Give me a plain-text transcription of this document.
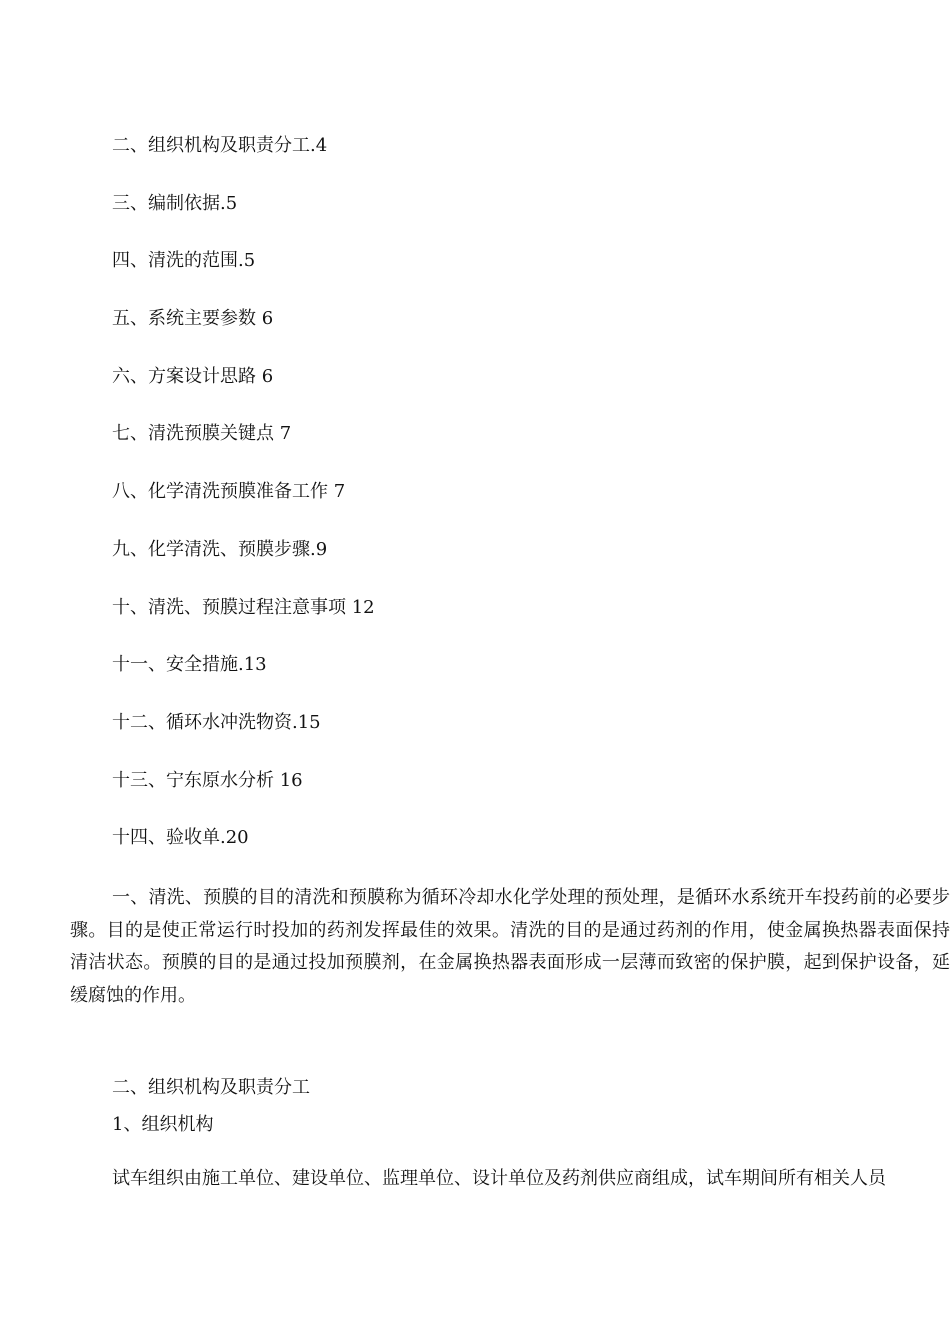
二、组织机构及职责分工.4
三、编制依据.5
四、清洗的范围.5
五、系统主要参数 6
六、方案设计思路 6
七、清洗预膜关键点 7
八、化学清洗预膜准备工作 7
九、化学清洗、预膜步骤.9
十、清洗、预膜过程注意事项 12
十一、安全措施.13
十二、循环水冲洗物资.15
十三、宁东原水分析 16
十四、验收单.20

一、清洗、预膜的目的清洗和预膜称为循环冷却水化学处理的预处理，是循环水系统开车投药前的必要步骤。目的是使正常运行时投加的药剂发挥最佳的效果。清洗的目的是通过药剂的作用，使金属换热器表面保持清洁状态。预膜的目的是通过投加预膜剂，在金属换热器表面形成一层薄而致密的保护膜，起到保护设备，延缓腐蚀的作用。

二、组织机构及职责分工

1、组织机构

试车组织由施工单位、建设单位、监理单位、设计单位及药剂供应商组成，试车期间所有相关人员
